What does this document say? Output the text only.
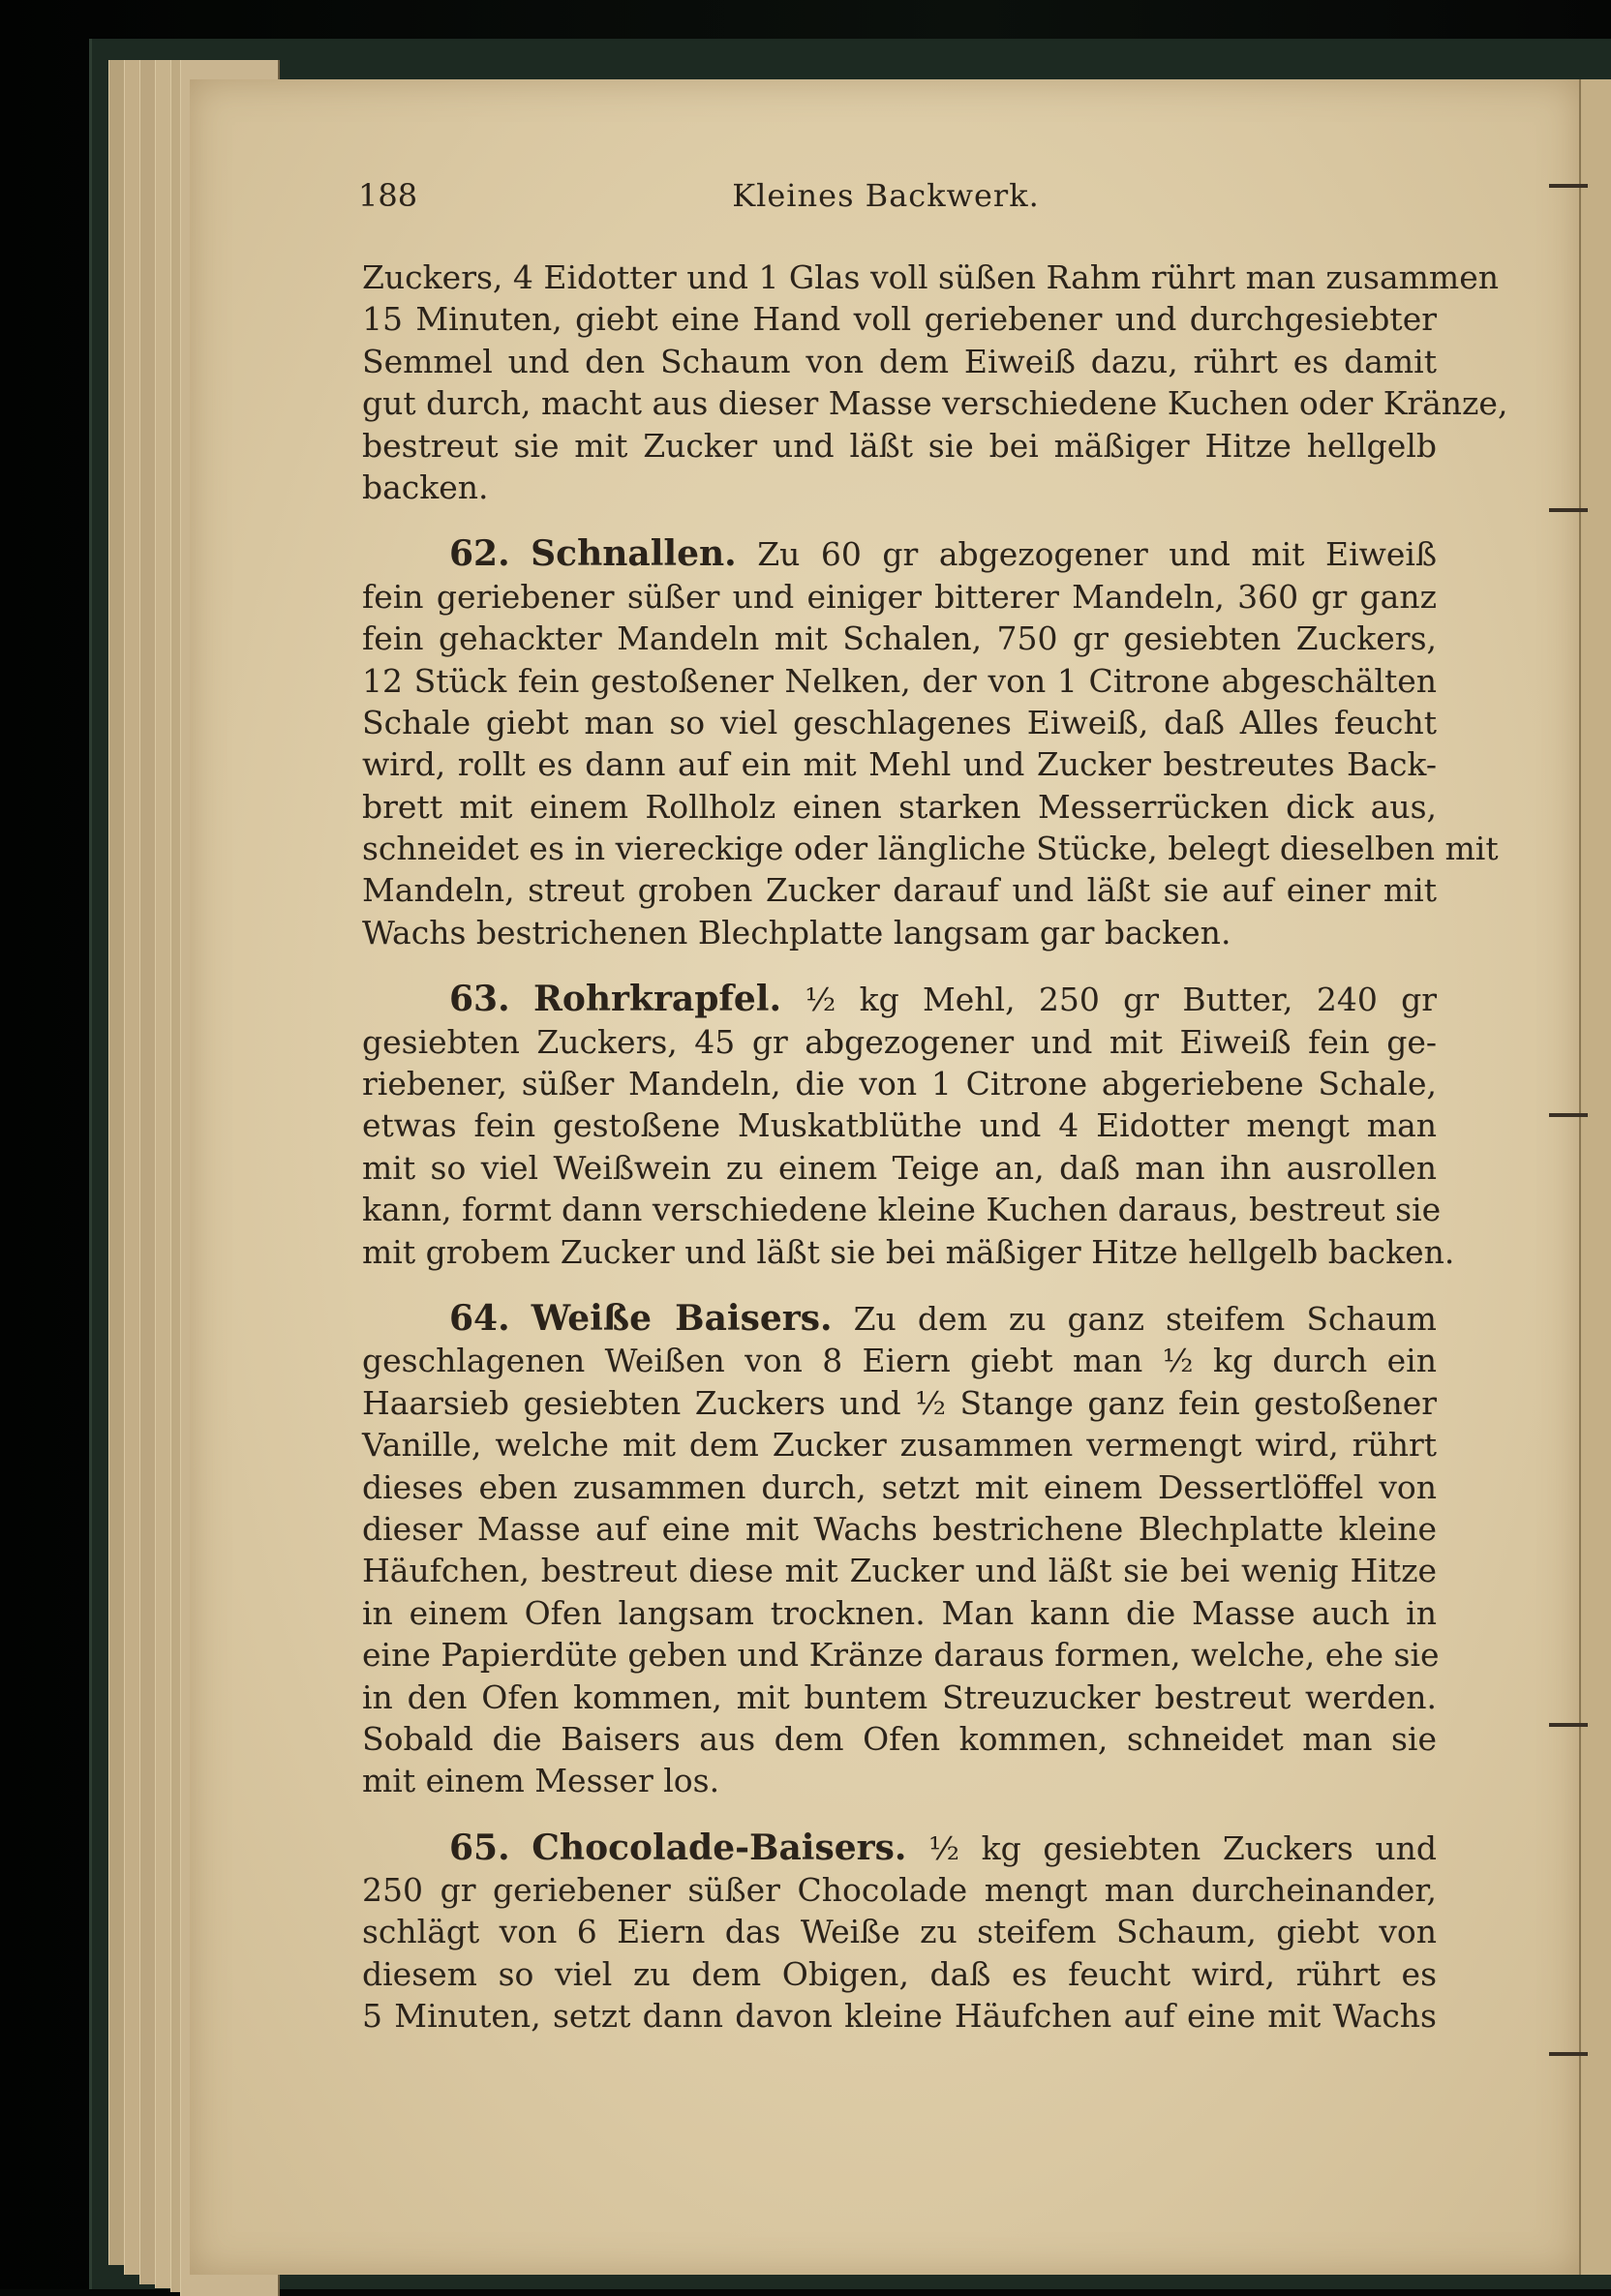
188	Kleines Backwerk.
Zuckers, 4 Eidotter und 1 Glas voll süßen Rahm rührt man zusammen
15 Minuten, giebt eine Hand voll geriebener und durchgesiebter
Semmel und den Schaum von dem Eiweiß dazu, rührt es damit
gut durch, macht aus dieser Masse verschiedene Kuchen oder Kränze,
bestreut sie mit Zucker und läßt sie bei mäßiger Hitze hellgelb
backen.
62. Schnallen. Zu 60 gr abgezogener und mit Eiweiß
fein geriebener süßer und einiger bitterer Mandeln, 360 gr ganz
fein gehackter Mandeln mit Schalen, 750 gr gesiebten Zuckers,
12 Stück fein gestoßener Nelken, der von 1 Citrone abgeschälten
Schale giebt man so viel geschlagenes Eiweiß, daß Alles feucht
wird, rollt es dann auf ein mit Mehl und Zucker bestreutes Back-
brett mit einem Rollholz einen starken Messerrücken dick aus,
schneidet es in viereckige oder längliche Stücke, belegt dieselben mit
Mandeln, streut groben Zucker darauf und läßt sie auf einer mit
Wachs bestrichenen Blechplatte langsam gar backen.
63. Rohrkrapfel. ½ kg Mehl, 250 gr Butter, 240 gr
gesiebten Zuckers, 45 gr abgezogener und mit Eiweiß fein ge-
riebener, süßer Mandeln, die von 1 Citrone abgeriebene Schale,
etwas fein gestoßene Muskatblüthe und 4 Eidotter mengt man
mit so viel Weißwein zu einem Teige an, daß man ihn ausrollen
kann, formt dann verschiedene kleine Kuchen daraus, bestreut sie
mit grobem Zucker und läßt sie bei mäßiger Hitze hellgelb backen.
64. Weiße Baisers. Zu dem zu ganz steifem Schaum
geschlagenen Weißen von 8 Eiern giebt man ½ kg durch ein
Haarsieb gesiebten Zuckers und ½ Stange ganz fein gestoßener
Vanille, welche mit dem Zucker zusammen vermengt wird, rührt
dieses eben zusammen durch, setzt mit einem Dessertlöffel von
dieser Masse auf eine mit Wachs bestrichene Blechplatte kleine
Häufchen, bestreut diese mit Zucker und läßt sie bei wenig Hitze
in einem Ofen langsam trocknen. Man kann die Masse auch in
eine Papierdüte geben und Kränze daraus formen, welche, ehe sie
in den Ofen kommen, mit buntem Streuzucker bestreut werden.
Sobald die Baisers aus dem Ofen kommen, schneidet man sie
mit einem Messer los.
65. Chocolade-Baisers. ½ kg gesiebten Zuckers und
250 gr geriebener süßer Chocolade mengt man durcheinander,
schlägt von 6 Eiern das Weiße zu steifem Schaum, giebt von
diesem so viel zu dem Obigen, daß es feucht wird, rührt es
5 Minuten, setzt dann davon kleine Häufchen auf eine mit Wachs
